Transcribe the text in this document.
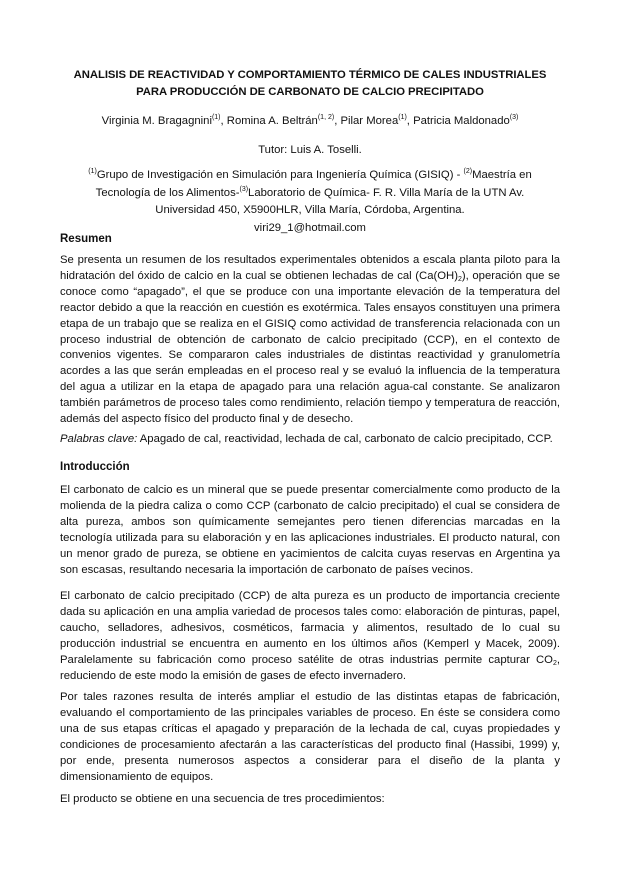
ANALISIS DE REACTIVIDAD Y COMPORTAMIENTO TÉRMICO DE CALES INDUSTRIALES
PARA PRODUCCIÓN DE CARBONATO DE CALCIO PRECIPITADO
Virginia M. Bragagnini$^{(1)}$, Romina A. Beltrán$^{(1, 2)}$, Pilar Morea$^{(1)}$, Patricia Maldonado$^{(3)}$
Tutor: Luis A. Toselli.
$^{(1)}$Grupo de Investigación en Simulación para Ingeniería Química (GISIQ) - $^{(2)}$Maestría en Tecnología de los Alimentos-$^{(3)}$Laboratorio de Química- F. R. Villa María de la UTN Av. Universidad 450, X5900HLR, Villa María, Córdoba, Argentina.
viri29_1@hotmail.com
Resumen
Se presenta un resumen de los resultados experimentales obtenidos a escala planta piloto para la hidratación del óxido de calcio en la cual se obtienen lechadas de cal $(Ca(OH)_2)$, operación que se conoce como “apagado”, el que se produce con una importante elevación de la temperatura del reactor debido a que la reacción en cuestión es exotérmica. Tales ensayos constituyen una primera etapa de un trabajo que se realiza en el GISIQ como actividad de transferencia relacionada con un proceso industrial de obtención de carbonato de calcio precipitado (CCP), en el contexto de convenios vigentes. Se compararon cales industriales de distintas reactividad y granulometría acordes a las que serán empleadas en el proceso real y se evaluó la influencia de la temperatura del agua a utilizar en la etapa de apagado para una relación agua-cal constante. Se analizaron también parámetros de proceso tales como rendimiento, relación tiempo y temperatura de reacción, además del aspecto físico del producto final y de desecho.
Palabras clave: Apagado de cal, reactividad, lechada de cal, carbonato de calcio precipitado, CCP.
Introducción
El carbonato de calcio es un mineral que se puede presentar comercialmente como producto de la molienda de la piedra caliza o como CCP (carbonato de calcio precipitado) el cual se considera de alta pureza, ambos son químicamente semejantes pero tienen diferencias marcadas en la tecnología utilizada para su elaboración y en las aplicaciones industriales. El producto natural, con un menor grado de pureza, se obtiene en yacimientos de calcita cuyas reservas en Argentina ya son escasas, resultando necesaria la importación de carbonato de países vecinos.
El carbonato de calcio precipitado (CCP) de alta pureza es un producto de importancia creciente dada su aplicación en una amplia variedad de procesos tales como: elaboración de pinturas, papel, caucho, selladores, adhesivos, cosméticos, farmacia y alimentos, resultado de lo cual su producción industrial se encuentra en aumento en los últimos años (Kemperl y Macek, 2009). Paralelamente su fabricación como proceso satélite de otras industrias permite capturar $CO_2$, reduciendo de este modo la emisión de gases de efecto invernadero.
Por tales razones resulta de interés ampliar el estudio de las distintas etapas de fabricación, evaluando el comportamiento de las principales variables de proceso. En éste se considera como una de sus etapas críticas el apagado y preparación de la lechada de cal, cuyas propiedades y condiciones de procesamiento afectarán a las características del producto final (Hassibi, 1999) y, por ende, presenta numerosos aspectos a considerar para el diseño de la planta y dimensionamiento de equipos.
El producto se obtiene en una secuencia de tres procedimientos:
